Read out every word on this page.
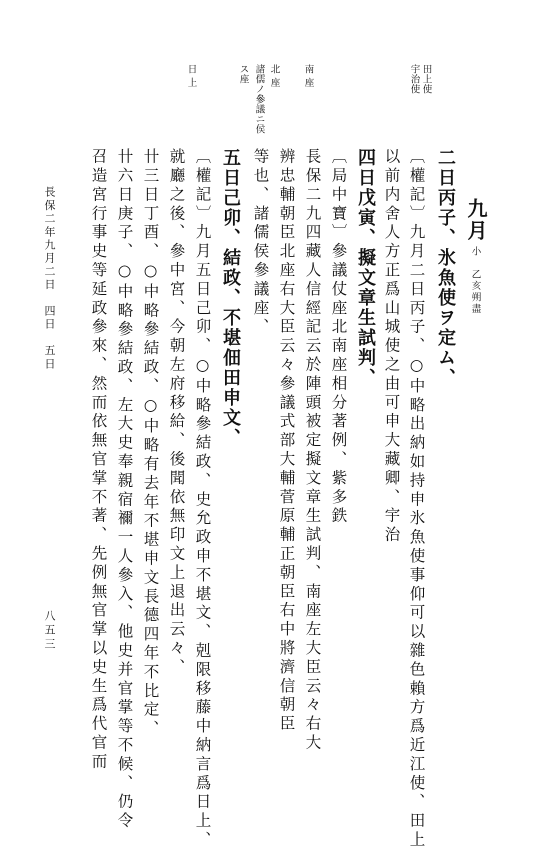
長保二年九月二日　四日　五日
八五三
田上使
宇治使
南座
北座
諸儒ノ參議ニ侯
ス座
日上
九月
小　乙亥朔盡
二日丙子、氷魚使ヲ定ム、
〔權記〕九月二日丙子、○中略出納如持申氷魚使事仰可以雜色賴方爲近江使、田上
以前内舍人方正爲山城使之由可申大藏卿、宇治
四日戊寅、擬文章生試判、
〔局中寶〕參議仗座北南座相分著例、紫多鉄
長保二九四藏人信經記云於陣頭被定擬文章生試判、南座左大臣云々右大
辨忠輔朝臣北座右大臣云々參議式部大輔菅原輔正朝臣右中將濟信朝臣
等也、諸儒侯參議座、
五日己卯、結政、不堪佃田申文、
〔權記〕九月五日己卯、○中略參結政、史允政申不堪文、剋限移藤中納言爲日上、
就廳之後、參中宮、今朝左府移給、後聞依無印文上退出云々、
卄三日丁酉、○中略參結政、○中略有去年不堪申文長德四年不比定、
卄六日庚子、○中略參結政、左大史奉親宿禰一人參入、他史并官掌等不候、仍令
召造宮行事史等延政參來、然而依無官掌不著、先例無官掌以史生爲代官而
